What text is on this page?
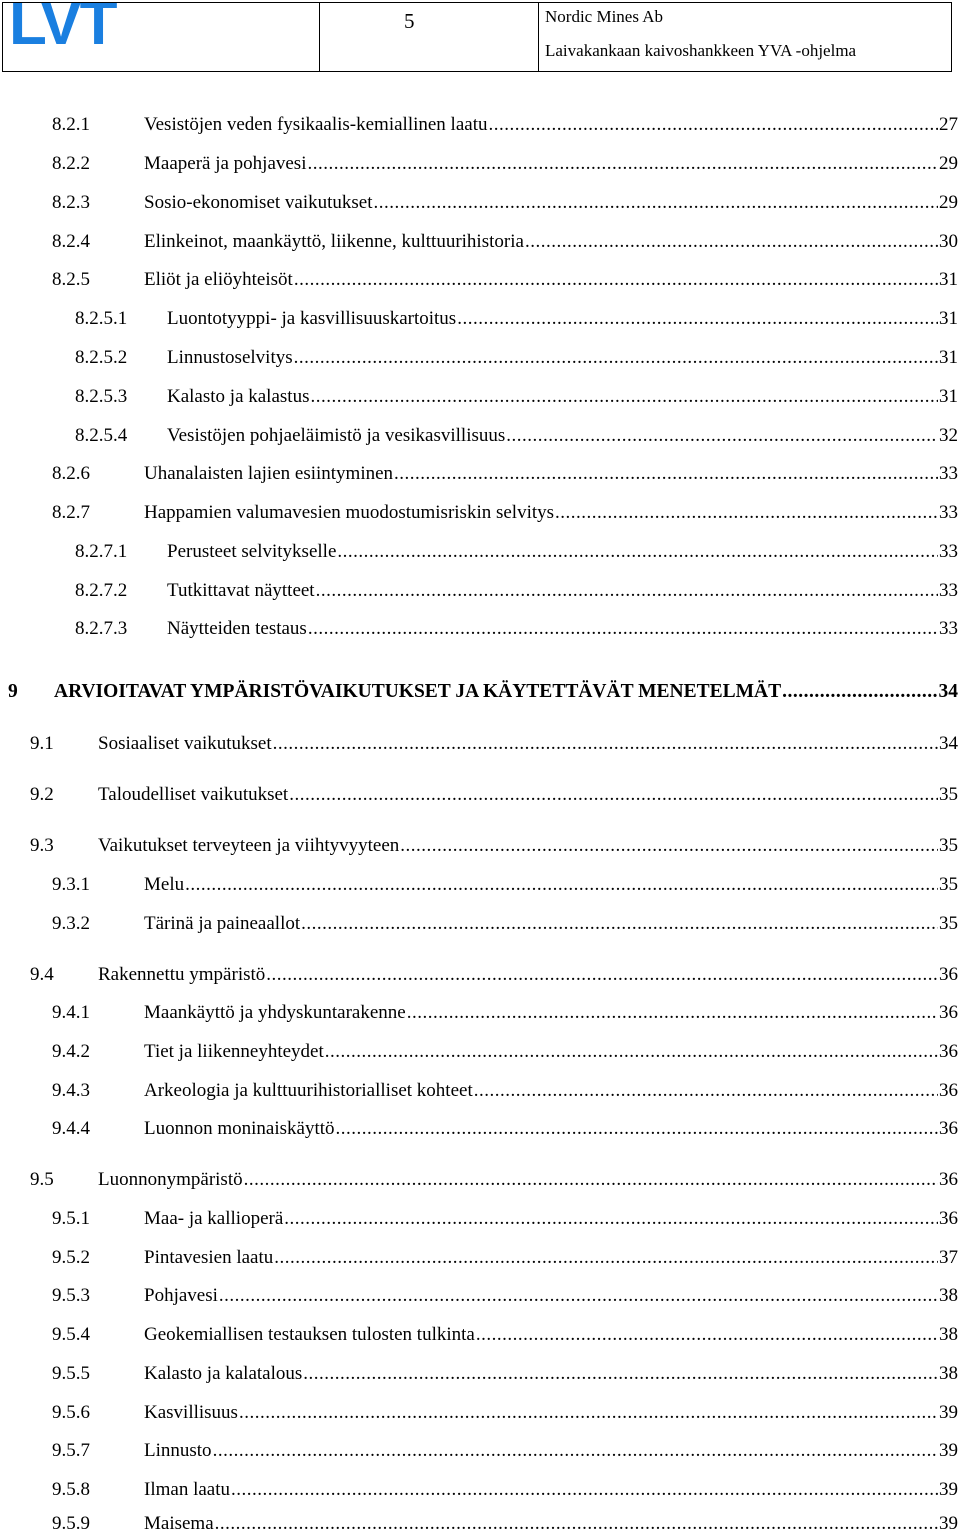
LVT	5	Nordic Mines Ab
Laivakankaan kaivoshankkeen YVA -ohjelma
8.2.1	Vesistöjen veden fysikaalis-kemiallinen laatu .....	27
8.2.2	Maaperä ja pohjavesi .....	29
8.2.3	Sosio-ekonomiset vaikutukset .....	29
8.2.4	Elinkeinot, maankäyttö, liikenne, kulttuurihistoria .....	30
8.2.5	Eliöt ja eliöyhteisöt .....	31
8.2.5.1	Luontotyyppi- ja kasvillisuuskartoitus .....	31
8.2.5.2	Linnustoselvitys .....	31
8.2.5.3	Kalasto ja kalastus .....	31
8.2.5.4	Vesistöjen pohjaeläimistö ja vesikasvillisuus .....	32
8.2.6	Uhanalaisten lajien esiintyminen .....	33
8.2.7	Happamien valumavesien muodostumisriskin selvitys .....	33
8.2.7.1	Perusteet selvitykselle .....	33
8.2.7.2	Tutkittavat näytteet .....	33
8.2.7.3	Näytteiden testaus .....	33
9	ARVIOITAVAT YMPÄRISTÖVAIKUTUKSET JA KÄYTETTÄVÄT MENETELMÄT .....	34
9.1	Sosiaaliset vaikutukset .....	34
9.2	Taloudelliset vaikutukset .....	35
9.3	Vaikutukset terveyteen ja viihtyvyyteen .....	35
9.3.1	Melu .....	35
9.3.2	Tärinä ja paineaallot .....	35
9.4	Rakennettu ympäristö .....	36
9.4.1	Maankäyttö ja yhdyskuntarakenne .....	36
9.4.2	Tiet ja liikenneyhteydet .....	36
9.4.3	Arkeologia ja kulttuurihistorialliset kohteet .....	36
9.4.4	Luonnon moninaiskäyttö .....	36
9.5	Luonnonympäristö .....	36
9.5.1	Maa- ja kallioperä .....	36
9.5.2	Pintavesien laatu .....	37
9.5.3	Pohjavesi .....	38
9.5.4	Geokemiallisen testauksen tulosten tulkinta .....	38
9.5.5	Kalasto ja kalatalous .....	38
9.5.6	Kasvillisuus .....	39
9.5.7	Linnusto .....	39
9.5.8	Ilman laatu .....	39
9.5.9	Maisema .....	39
